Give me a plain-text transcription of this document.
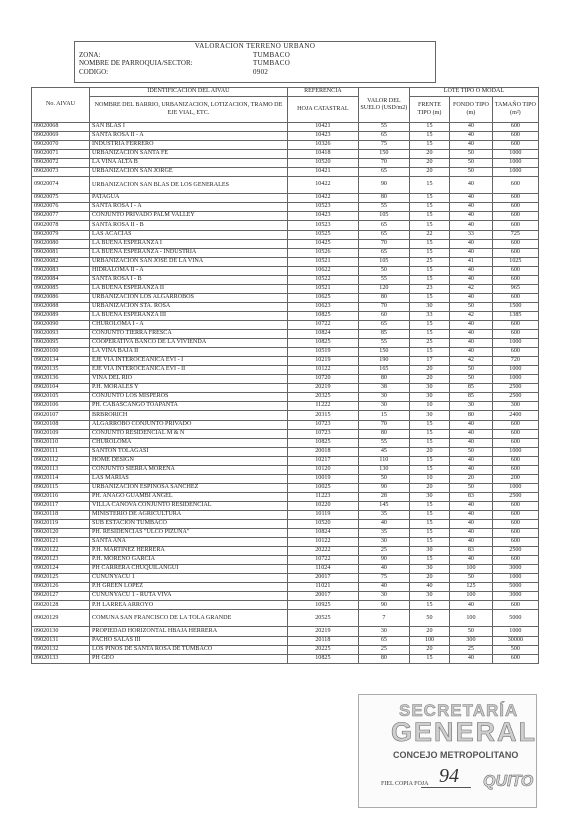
VALORACION TERRENO URBANO
ZONA:	TUMBACO
NOMBRE DE PARROQUIA/SECTOR:	TUMBACO
CODIGO:	0902
No. AIVAU	IDENTIFICACION DEL AIVAU	REFERENCIA	VALOR DEL SUELO (USD/m2)	LOTE TIPO O MODAL		
	NOMBRE DEL BARRIO, URBANIZACION, LOTIZACION, TRAMO DE EJE VIAL, ETC.	HOJA CATASTRAL		FRENTE TIPO (m)	FONDO TIPO (m)	TAMAÑO TIPO (m²)
09020068	SAN BLAS I	10421	55	15	40	600
09020069	SANTA ROSA II - A	10423	65	15	40	600
09020070	INDUSTRIA FERRERO	10326	75	15	40	600
09020071	URBANIZACION SANTA FE	10418	150	20	50	1000
09020072	LA VIÑA ALTA B	10520	70	20	50	1000
09020073	URBANIZACION SAN JORGE	10421	65	20	50	1000
09020074	URBANIZACION SAN BLAS DE LOS GENERALES	10422	90	15	40	600
09020075	PATAGUA	10422	80	15	40	600
09020076	SANTA ROSA I - A	10523	55	15	40	600
09020077	CONJUNTO PRIVADO PALM VALLEY	10423	105	15	40	600
09020078	SANTA ROSA II - B	10523	65	15	40	600
09020079	LAS ACACIAS	10525	65	22	33	725
09020080	LA BUENA ESPERANZA I	10425	70	15	40	600
09020081	LA BUENA ESPERANZA - INDUSTRIA	10526	65	15	40	600
09020082	URBANIZACION SAN JOSE DE LA VIÑA	10521	105	25	41	1025
09020083	HIDRALOMA II - A	10622	50	15	40	600
09020084	SANTA ROSA I - B	10522	55	15	40	600
09020085	LA BUENA ESPERANZA II	10521	120	23	42	965
09020086	URBANIZACION LOS ALGARROBOS	10625	80	15	40	600
09020088	URBANIZACION STA. ROSA	10623	70	30	50	1500
09020089	LA BUENA ESPERANZA III	10825	60	33	42	1385
09020090	CHUROLOMA I - A	10722	65	15	40	600
09020093	CONJUNTO TIERRA FRESCA	10824	85	15	40	600
09020095	COOPERATIVA BANCO DE LA VIVIENDA	10825	55	25	40	1000
09020100	LA VIÑA BAJA II	10519	150	15	40	600
09020134	EJE VIA INTEROCEANICA EVI - I	10219	190	17	42	720
09020135	EJE VIA INTEROCEANICA EVI - II	10122	165	20	50	1000
09020136	VIÑA DEL RIO	10720	80	20	50	1000
09020104	P.H. MORALES Y	20219	38	30	85	2500
09020105	CONJUNTO LOS MISPEROS	20325	30	30	85	2500
09020106	PH. CABASCANGO TOAPANTA	11222	30	10	30	300
09020107	BRBRORICH	20315	15	30	80	2400
09020108	ALGARROBO CONJUNTO PRIVADO	10723	70	15	40	600
09020109	CONJUNTO RESIDENCIAL M & N	10723	80	15	40	600
09020110	CHUROLOMA	10825	55	15	40	600
09020111	SANTON TOLAGASI	20018	45	20	50	1000
09020112	HOME DESIGN	10217	110	15	40	600
09020113	CONJUNTO SIERRA MORENA	10120	130	15	40	600
09020114	LAS MARIAS	10019	50	10	20	200
09020115	URBANIZACION ESPINOSA SANCHEZ	10025	90	20	50	1000
09020116	PH. ANAGO GUAMBI ANGEL	11223	28	30	83	2500
09020117	VILLA CANOVA CONJUNTO RESIDENCIAL	10220	145	15	40	600
09020118	MINISTERIO DE AGRICULTURA	10119	35	15	40	600
09020119	SUB ESTACION TUMBACO	10520	40	15	40	600
09020120	PH. RESIDENCIAS "ULCO PIZUNA"	10824	35	15	40	600
09020121	SANTA ANA	10122	30	15	40	600
09020122	P.H. MARTINEZ HERRERA	20222	25	30	83	2500
09020123	P.H. MORENO GARCIA	10722	90	15	40	600
09020124	PH CARRERA CHUQUILANGUI	11024	40	30	100	3000
09020125	CUNUNYACU 1	20017	75	20	50	1000
09020126	P.H GREEN LOPEZ	11021	40	40	125	5000
09020127	CUNUNYACU 1 - RUTA VIVA	20017	30	30	100	3000
09020128	P.H LARREA ARROYO	10925	90	15	40	600
09020129	COMUNA SAN FRANCISCO DE LA TOLA GRANDE	20525	7	50	100	5000
09020130	PROPIEDAD HORIZONTAL HBAJA HERRERA	20219	30	20	50	1000
09020131	PACHO SALAS III	20118	65	100	300	30000
09020132	LOS PINOS DE SANTA ROSA DE TUMBACO	20225	25	20	25	500
09020133	PH GEO	10825	80	15	40	600
SECRETARÍA
GENERAL
CONCEJO METROPOLITANO
FIEL COPIA FOJA 94 QUITO
